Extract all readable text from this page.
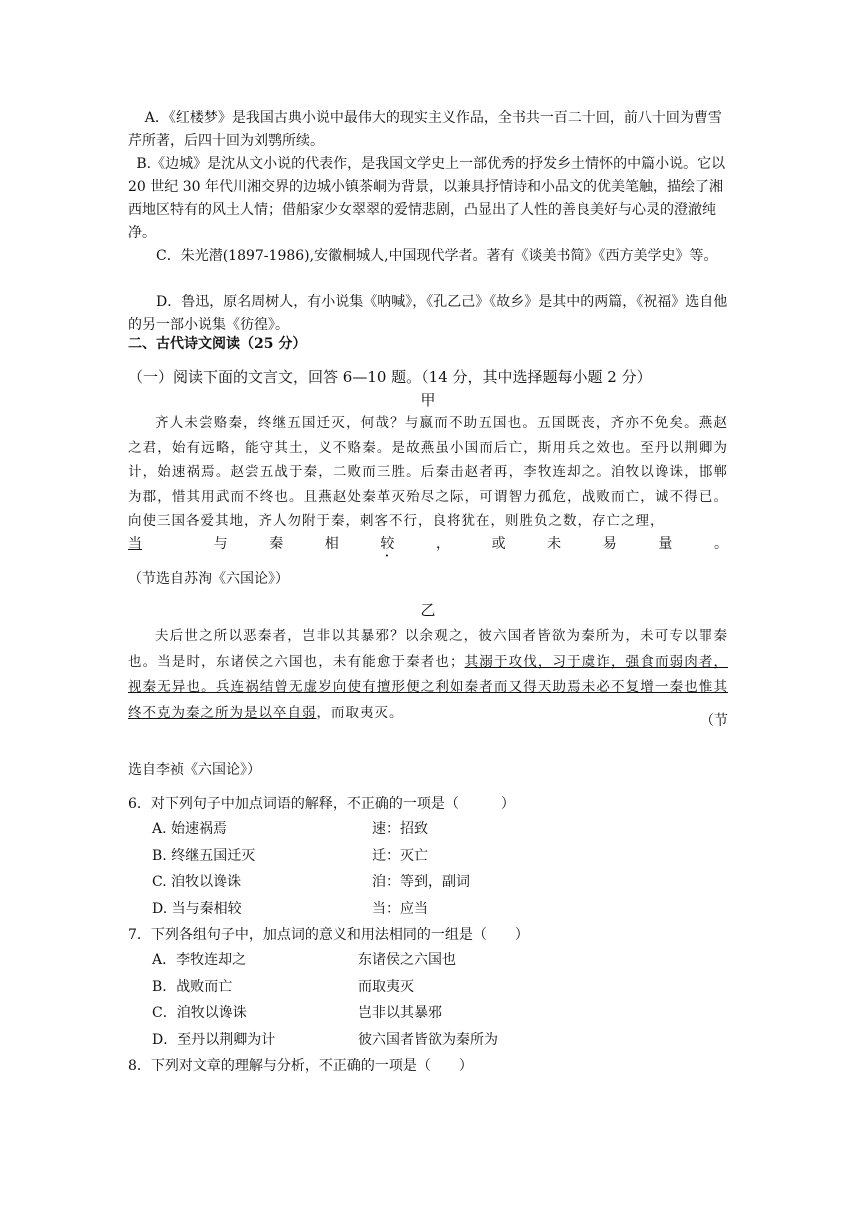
A．《红楼梦》是我国古典小说中最伟大的现实主义作品，全书共一百二十回，前八十回为曹雪芹所著，后四十回为刘鹗所续。

B.《边城》是沈从文小说的代表作，是我国文学史上一部优秀的抒发乡土情怀的中篇小说。它以 20 世纪 30 年代川湘交界的边城小镇茶峒为背景，以兼具抒情诗和小品文的优美笔触，描绘了湘西地区特有的风土人情；借船家少女翠翠的爱情悲剧，凸显出了人性的善良美好与心灵的澄澈纯净。

C．朱光潜(1897-1986),安徽桐城人,中国现代学者。著有《谈美书简》《西方美学史》等。

D．鲁迅，原名周树人，有小说集《呐喊》，《孔乙己》《故乡》是其中的两篇，《祝福》选自他的另一部小说集《彷徨》。

二、古代诗文阅读（25 分）
（一）阅读下面的文言文，回答 6—10 题。（14 分，其中选择题每小题 2 分）
甲

齐人未尝赂秦，终继五国迁灭，何哉？与嬴而不助五国也。五国既丧，齐亦不免矣。燕赵之君，始有远略，能守其土，义不赂秦。是故燕虽小国而后亡，斯用兵之效也。至丹以荆卿为计，始速祸焉。赵尝五战于秦，二败而三胜。后秦击赵者再，李牧连却之。洎牧以谗诛，邯郸为郡，惜其用武而不终也。且燕赵处秦革灭殆尽之际，可谓智力孤危，战败而亡，诚不得已。向使三国各爱其地，齐人勿附于秦，刺客不行，良将犹在，则胜负之数，存亡之理，

当	与	秦	相	较	，	或	未	易	量	。
（节选自苏洵《六国论》）
乙

夫后世之所以恶秦者，岂非以其暴邪？以余观之，彼六国者皆欲为秦所为，未可专以罪秦也。当是时，东诸侯之六国也，未有能愈于秦者也；其溺于攻伐，习于虞诈，强食而弱肉者，视秦无异也。兵连祸结曾无虚岁向使有擅形便之利如秦者而又得天助焉未必不复增一秦也惟其终不克为秦之所为是以卒自弱，而取夷灭。

（节
选自李祯《六国论》）
6．对下列句子中加点词语的解释，不正确的一项是（　　　）
A. 始速祸焉	速：招致
B. 终继五国迁灭	迁：灭亡
C. 洎牧以谗诛	洎：等到，副词
D. 当与秦相较	当：应当
7．下列各组句子中，加点词的意义和用法相同的一组是（　　）
A．李牧连却之	东诸侯之六国也
B．战败而亡	而取夷灭
C．洎牧以谗诛	岂非以其暴邪
D．至丹以荆卿为计	彼六国者皆欲为秦所为
8．下列对文章的理解与分析，不正确的一项是（　　）
